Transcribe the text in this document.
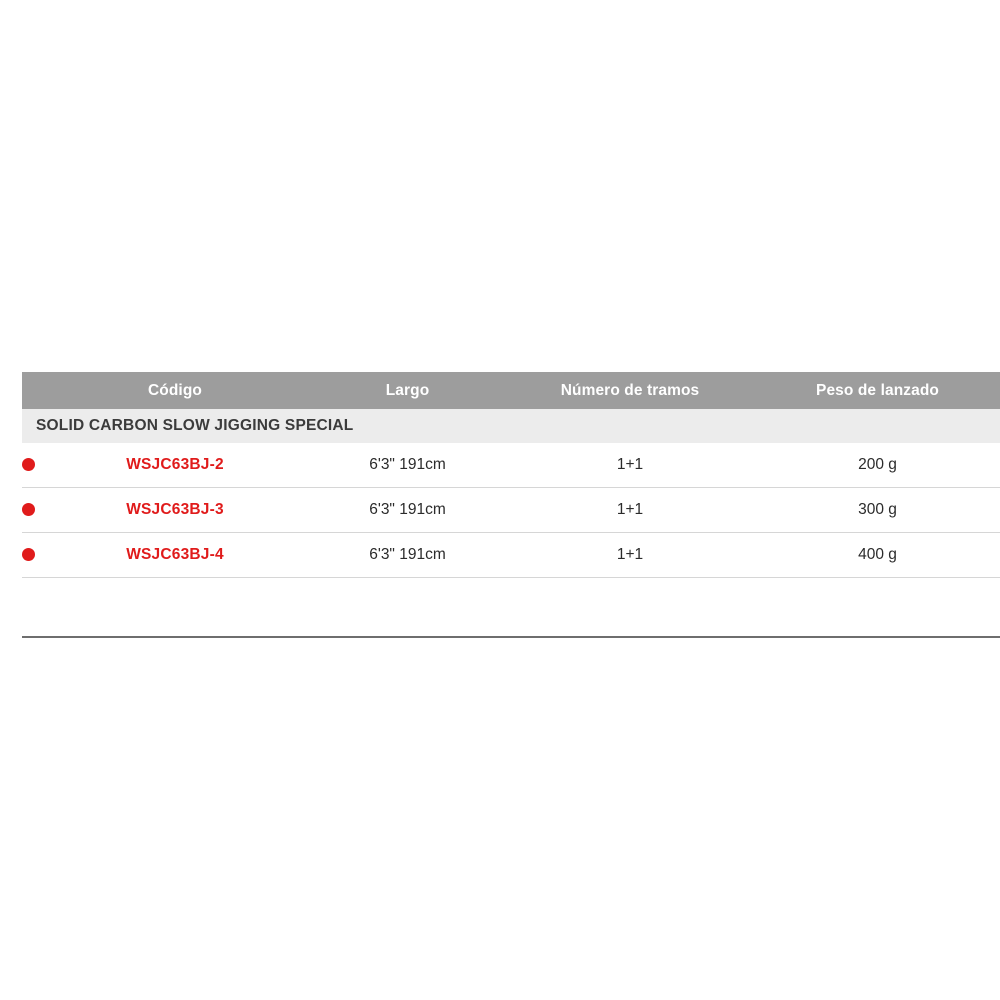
	Código	Largo	Número de tramos	Peso de lanzado
SOLID CARBON SLOW JIGGING SPECIAL				
	WSJC63BJ-2	6'3" 191cm	1+1	200 g
	WSJC63BJ-3	6'3" 191cm	1+1	300 g
	WSJC63BJ-4	6'3" 191cm	1+1	400 g
